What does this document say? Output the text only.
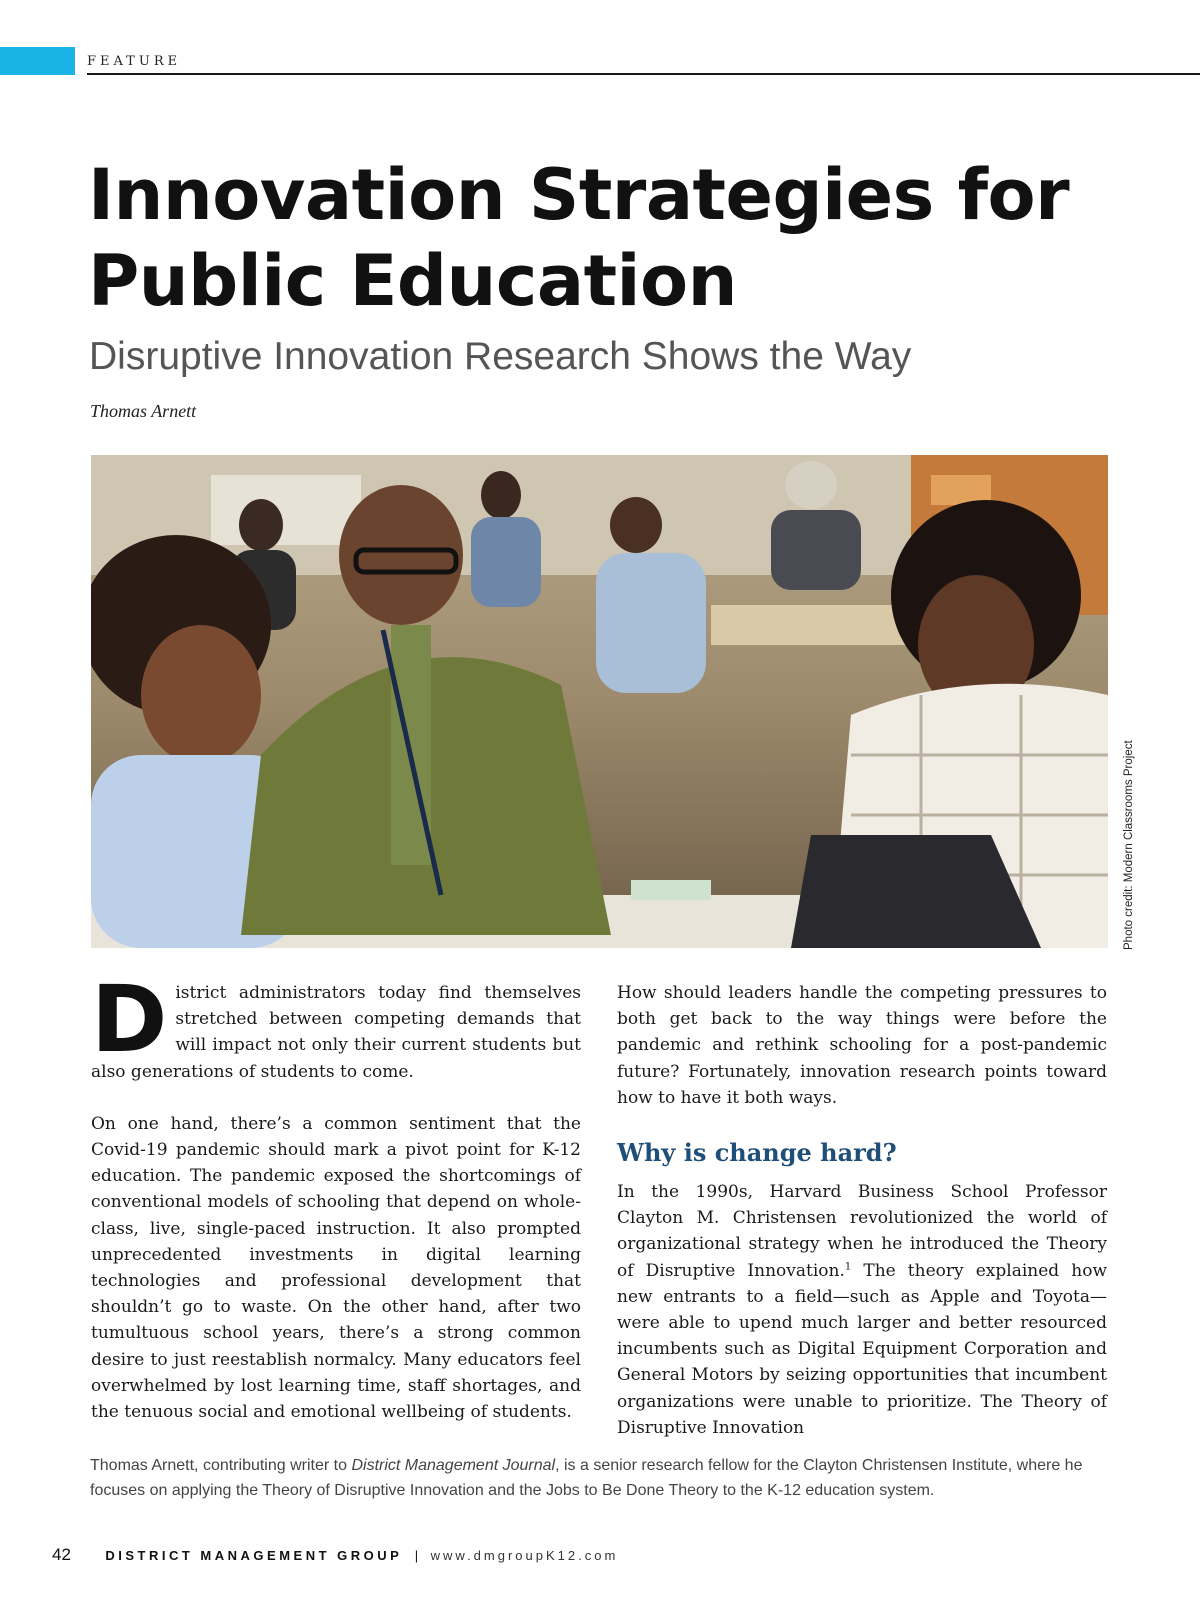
FEATURE
Innovation Strategies for
Public Education
Disruptive Innovation Research Shows the Way
Thomas Arnett
Photo credit: Modern Classrooms Project

District administrators today find themselves stretched between competing demands that will impact not only their current students but also generations of students to come.

On one hand, there’s a common sentiment that the Covid-19 pandemic should mark a pivot point for K-12 education. The pandemic exposed the shortcomings of conventional models of schooling that depend on whole-class, live, single-paced instruction. It also prompted unprecedented investments in digital learning technologies and professional development that shouldn’t go to waste. On the other hand, after two tumultuous school years, there’s a strong common desire to just reestablish normalcy. Many educators feel overwhelmed by lost learning time, staff shortages, and the tenuous social and emotional wellbeing of students.

How should leaders handle the competing pressures to both get back to the way things were before the pandemic and rethink schooling for a post-pandemic future? Fortunately, innovation research points toward how to have it both ways.

Why is change hard?

In the 1990s, Harvard Business School Professor Clayton M. Christensen revolutionized the world of organizational strategy when he introduced the Theory of Disruptive Innovation.$^1$ The theory explained how new entrants to a field—such as Apple and Toyota—were able to upend much larger and better resourced incumbents such as Digital Equipment Corporation and General Motors by seizing opportunities that incumbent organizations were unable to prioritize. The Theory of Disruptive Innovation

Thomas Arnett, contributing writer to District Management Journal, is a senior research fellow for the Clayton Christensen Institute, where he focuses on applying the Theory of Disruptive Innovation and the Jobs to Be Done Theory to the K-12 education system.
42	DISTRICT MANAGEMENT GROUP | www.dmgroupK12.com
